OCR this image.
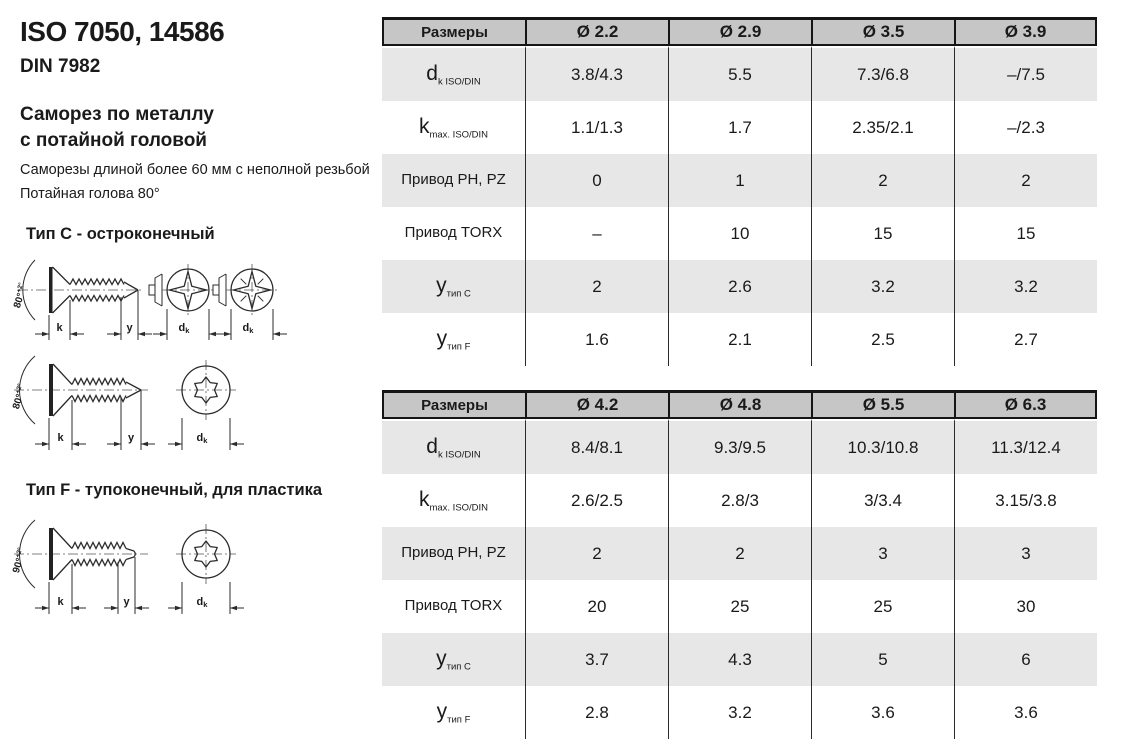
ISO 7050, 14586
DIN 7982
Саморез по металлу
с потайной головой
Саморезы длиной более 60 мм с неполной резьбой
Потайная голова 80°
Тип C - остроконечный
Тип F - тупоконечный, для пластика
80°$^{+2^\circ}$
k	y	dk	dk
80°$^{+2^\circ}$
k	y	dk
90°$^{+2^\circ}$
k	y	dk
Размеры	Ø 2.2	Ø 2.9	Ø 3.5	Ø 3.9
$d_{k ISO/DIN}$	3.8/4.3	5.5	7.3/6.8	–/7.5
$k_{max. ISO/DIN}$	1.1/1.3	1.7	2.35/2.1	–/2.3
Привод PH, PZ	0	1	2	2
Привод TORX	–	10	15	15
$y_{тип C}$	2	2.6	3.2	3.2
$y_{тип F}$	1.6	2.1	2.5	2.7
Размеры	Ø 4.2	Ø 4.8	Ø 5.5	Ø 6.3
$d_{k ISO/DIN}$	8.4/8.1	9.3/9.5	10.3/10.8	11.3/12.4
$k_{max. ISO/DIN}$	2.6/2.5	2.8/3	3/3.4	3.15/3.8
Привод PH, PZ	2	2	3	3
Привод TORX	20	25	25	30
$y_{тип C}$	3.7	4.3	5	6
$y_{тип F}$	2.8	3.2	3.6	3.6
